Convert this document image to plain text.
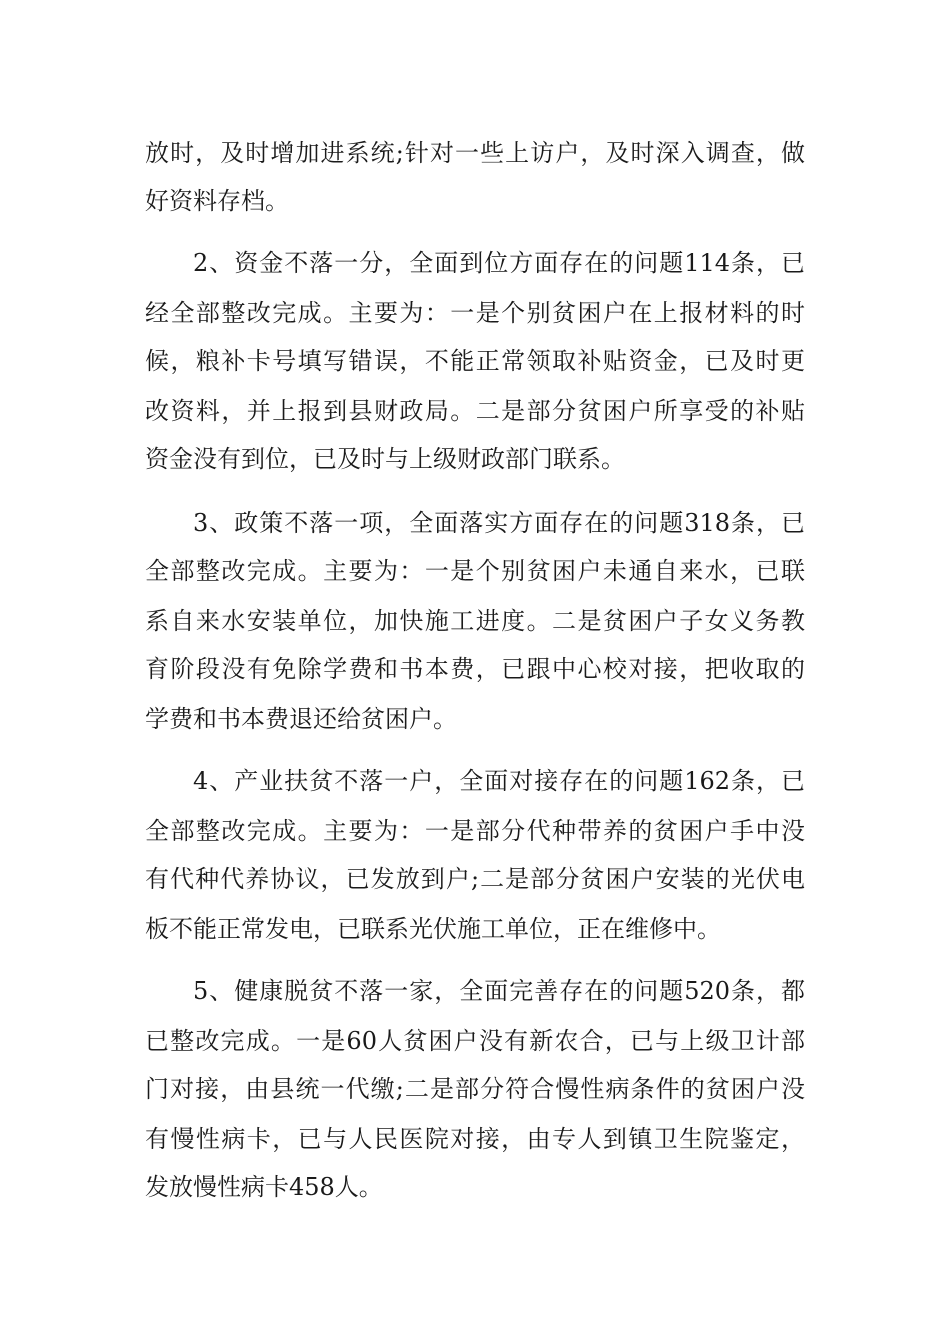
放时，及时增加进系统;针对一些上访户，及时深入调查，做
好资料存档。
2、资金不落一分，全面到位方面存在的问题114条，已
经全部整改完成。主要为：一是个别贫困户在上报材料的时
候，粮补卡号填写错误，不能正常领取补贴资金，已及时更
改资料，并上报到县财政局。二是部分贫困户所享受的补贴
资金没有到位，已及时与上级财政部门联系。
3、政策不落一项，全面落实方面存在的问题318条，已
全部整改完成。主要为：一是个别贫困户未通自来水，已联
系自来水安装单位，加快施工进度。二是贫困户子女义务教
育阶段没有免除学费和书本费，已跟中心校对接，把收取的
学费和书本费退还给贫困户。
4、产业扶贫不落一户，全面对接存在的问题162条，已
全部整改完成。主要为：一是部分代种带养的贫困户手中没
有代种代养协议，已发放到户;二是部分贫困户安装的光伏电
板不能正常发电，已联系光伏施工单位，正在维修中。
5、健康脱贫不落一家，全面完善存在的问题520条，都
已整改完成。一是60人贫困户没有新农合，已与上级卫计部
门对接，由县统一代缴;二是部分符合慢性病条件的贫困户没
有慢性病卡，已与人民医院对接，由专人到镇卫生院鉴定，
发放慢性病卡458人。
